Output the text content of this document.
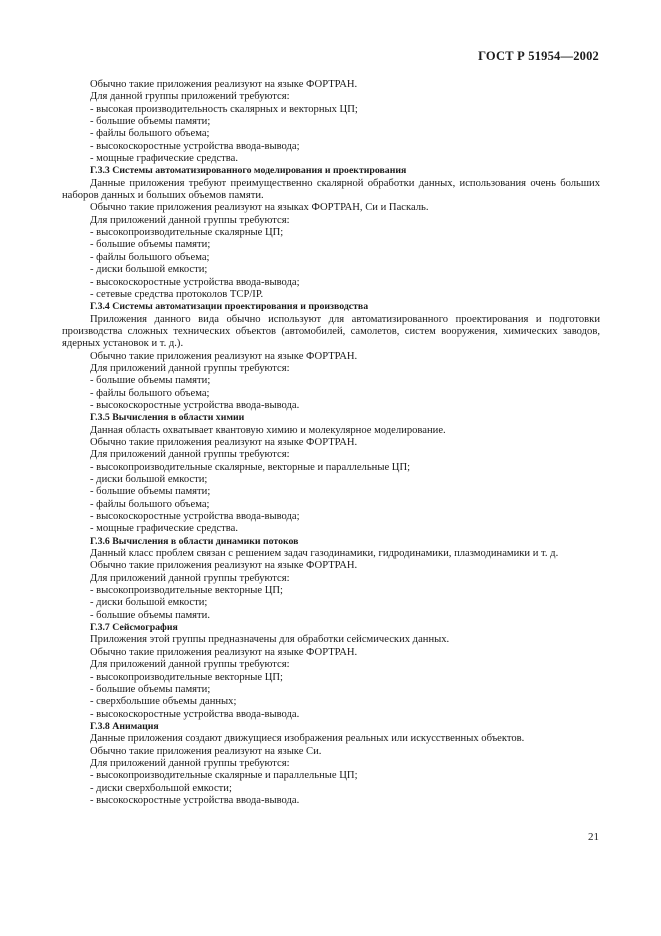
ГОСТ Р 51954—2002

Обычно такие приложения реализуют на языке ФОРТРАН.

Для данной группы приложений требуются:

- высокая производительность скалярных и векторных ЦП;

- большие объемы памяти;

- файлы большого объема;

- высокоскоростные устройства ввода-вывода;

- мощные графические средства.

Г.3.3 Системы автоматизированного моделирования и проектирования

Данные приложения требуют преимущественно скалярной обработки данных, использования очень больших наборов данных и больших объемов памяти.

Обычно такие приложения реализуют на языках ФОРТРАН, Си и Паскаль.

Для приложений данной группы требуются:

- высокопроизводительные скалярные ЦП;

- большие объемы памяти;

- файлы большого объема;

- диски большой емкости;

- высокоскоростные устройства ввода-вывода;

- сетевые средства протоколов TCP/IP.

Г.3.4 Системы автоматизации проектирования и производства

Приложения данного вида обычно используют для автоматизированного проектирования и подготовки производства сложных технических объектов (автомобилей, самолетов, систем вооружения, химических заводов, ядерных установок и т. д.).

Обычно такие приложения реализуют на языке ФОРТРАН.

Для приложений данной группы требуются:

- большие объемы памяти;

- файлы большого объема;

- высокоскоростные устройства ввода-вывода.

Г.3.5 Вычисления в области химии

Данная область охватывает квантовую химию и молекулярное моделирование.

Обычно такие приложения реализуют на языке ФОРТРАН.

Для приложений данной группы требуются:

- высокопроизводительные скалярные, векторные и параллельные ЦП;

- диски большой емкости;

- большие объемы памяти;

- файлы большого объема;

- высокоскоростные устройства ввода-вывода;

- мощные графические средства.

Г.3.6 Вычисления в области динамики потоков

Данный класс проблем связан с решением задач газодинамики, гидродинамики, плазмодинамики и т. д.

Обычно такие приложения реализуют на языке ФОРТРАН.

Для приложений данной группы требуются:

- высокопроизводительные векторные ЦП;

- диски большой емкости;

- большие объемы памяти.

Г.3.7 Сейсмография

Приложения этой группы предназначены для обработки сейсмических данных.

Обычно такие приложения реализуют на языке ФОРТРАН.

Для приложений данной группы требуются:

- высокопроизводительные векторные ЦП;

- большие объемы памяти;

- сверхбольшие объемы данных;

- высокоскоростные устройства ввода-вывода.

Г.3.8 Анимация

Данные приложения создают движущиеся изображения реальных или искусственных объектов.

Обычно такие приложения реализуют на языке Си.

Для приложений данной группы требуются:

- высокопроизводительные скалярные и параллельные ЦП;

- диски сверхбольшой емкости;

- высокоскоростные устройства ввода-вывода.

21
